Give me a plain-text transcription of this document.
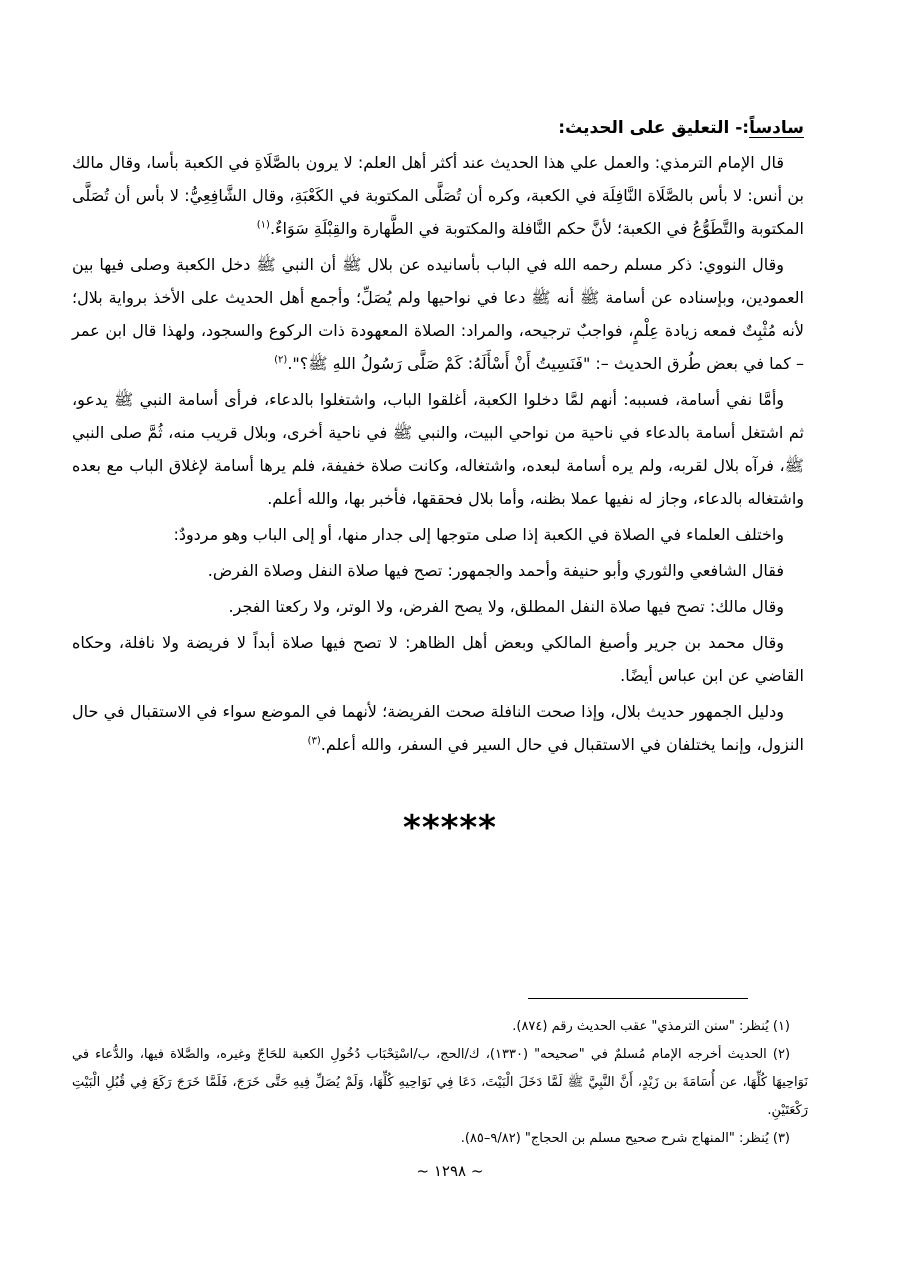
سادساً:- التعليق على الحديث:

قال الإمام الترمذي: والعمل علي هذا الحديث عند أكثر أهل العلم: لا يرون بالصَّلَاةِ في الكعبة بأسا، وقال مالك بن أنس: لا بأس بالصَّلَاة النَّافِلَة في الكعبة، وكره أن تُصَلَّى المكتوبة في الكَعْبَةِ، وقال الشَّافِعِيُّ: لا بأس أن تُصَلَّى المكتوبة والتَّطَوُّعُ في الكعبة؛ لأنَّ حكم النَّافلة والمكتوبة في الطَّهارة والقِبْلَةِ سَوَاءٌ.$^{(١)}$

وقال النووي: ذكر مسلم رحمه الله في الباب بأسانيده عن بلال ﷺ أن النبي ﷺ دخل الكعبة وصلى فيها بين العمودين، وبإسناده عن أسامة ﷺ أنه ﷺ دعا في نواحيها ولم يُصَلِّ؛ وأجمع أهل الحديث على الأخذ برواية بلال؛ لأنه مُثْبِتٌ فمعه زيادة عِلْمٍ، فواجبٌ ترجيحه، والمراد: الصلاة المعهودة ذات الركوع والسجود، ولهذا قال ابن عمر – كما في بعض طُرق الحديث –: "فَنَسِيتُ أَنْ أَسْأَلَهُ: كَمْ صَلَّى رَسُولُ اللهِ ﷺ؟".$^{(٢)}$

وأمَّا نفي أسامة، فسببه: أنهم لمَّا دخلوا الكعبة، أغلقوا الباب، واشتغلوا بالدعاء، فرأى أسامة النبي ﷺ يدعو، ثم اشتغل أسامة بالدعاء في ناحية من نواحي البيت، والنبي ﷺ في ناحية أخرى، وبلال قريب منه، ثُمَّ صلى النبي ﷺ، فرآه بلال لقربه، ولم يره أسامة لبعده، واشتغاله، وكانت صلاة خفيفة، فلم يرها أسامة لإغلاق الباب مع بعده واشتغاله بالدعاء، وجاز له نفيها عملا بظنه، وأما بلال فحققها، فأخبر بها، والله أعلم.

واختلف العلماء في الصلاة في الكعبة إذا صلى متوجها إلى جدار منها، أو إلى الباب وهو مردودٌ:

فقال الشافعي والثوري وأبو حنيفة وأحمد والجمهور: تصح فيها صلاة النفل وصلاة الفرض.

وقال مالك: تصح فيها صلاة النفل المطلق، ولا يصح الفرض، ولا الوتر، ولا ركعتا الفجر.

وقال محمد بن جرير وأصبغ المالكي وبعض أهل الظاهر: لا تصح فيها صلاة أبداً لا فريضة ولا نافلة، وحكاه القاضي عن ابن عباس أيضًا.

ودليل الجمهور حديث بلال، وإذا صحت النافلة صحت الفريضة؛ لأنهما في الموضع سواء في الاستقبال في حال النزول، وإنما يختلفان في الاستقبال في حال السير في السفر، والله أعلم.$^{(٣)}$

*****

(١) يُنظر: "سنن الترمذي" عقب الحديث رقم (٨٧٤).

(٢) الحديث أخرجه الإمام مُسلمٌ في "صحيحه" (١٣٣٠)، ك/الحج، ب/اسْتِحْبَاب دُخُولِ الكعبة للحَاجّ وغيره، والصَّلاة فيها، والدُّعاء في نَوَاحِيهَا كُلِّهَا، عن أُسَامَةَ بن زَيْدٍ، أَنَّ النَّبِيَّ ﷺ لَمَّا دَخَلَ الْبَيْتَ، دَعَا فِي نَوَاحِيهِ كُلِّهَا، وَلَمْ يُصَلِّ فِيهِ حَتَّى خَرَجَ، فَلَمَّا خَرَجَ رَكَعَ فِي قُبُلِ الْبَيْتِ رَكْعَتَيْنِ.

(٣) يُنظر: "المنهاج شرح صحيح مسلم بن الحجاج" (٩/٨٢–٨٥).

~ ١٢٩٨ ~
